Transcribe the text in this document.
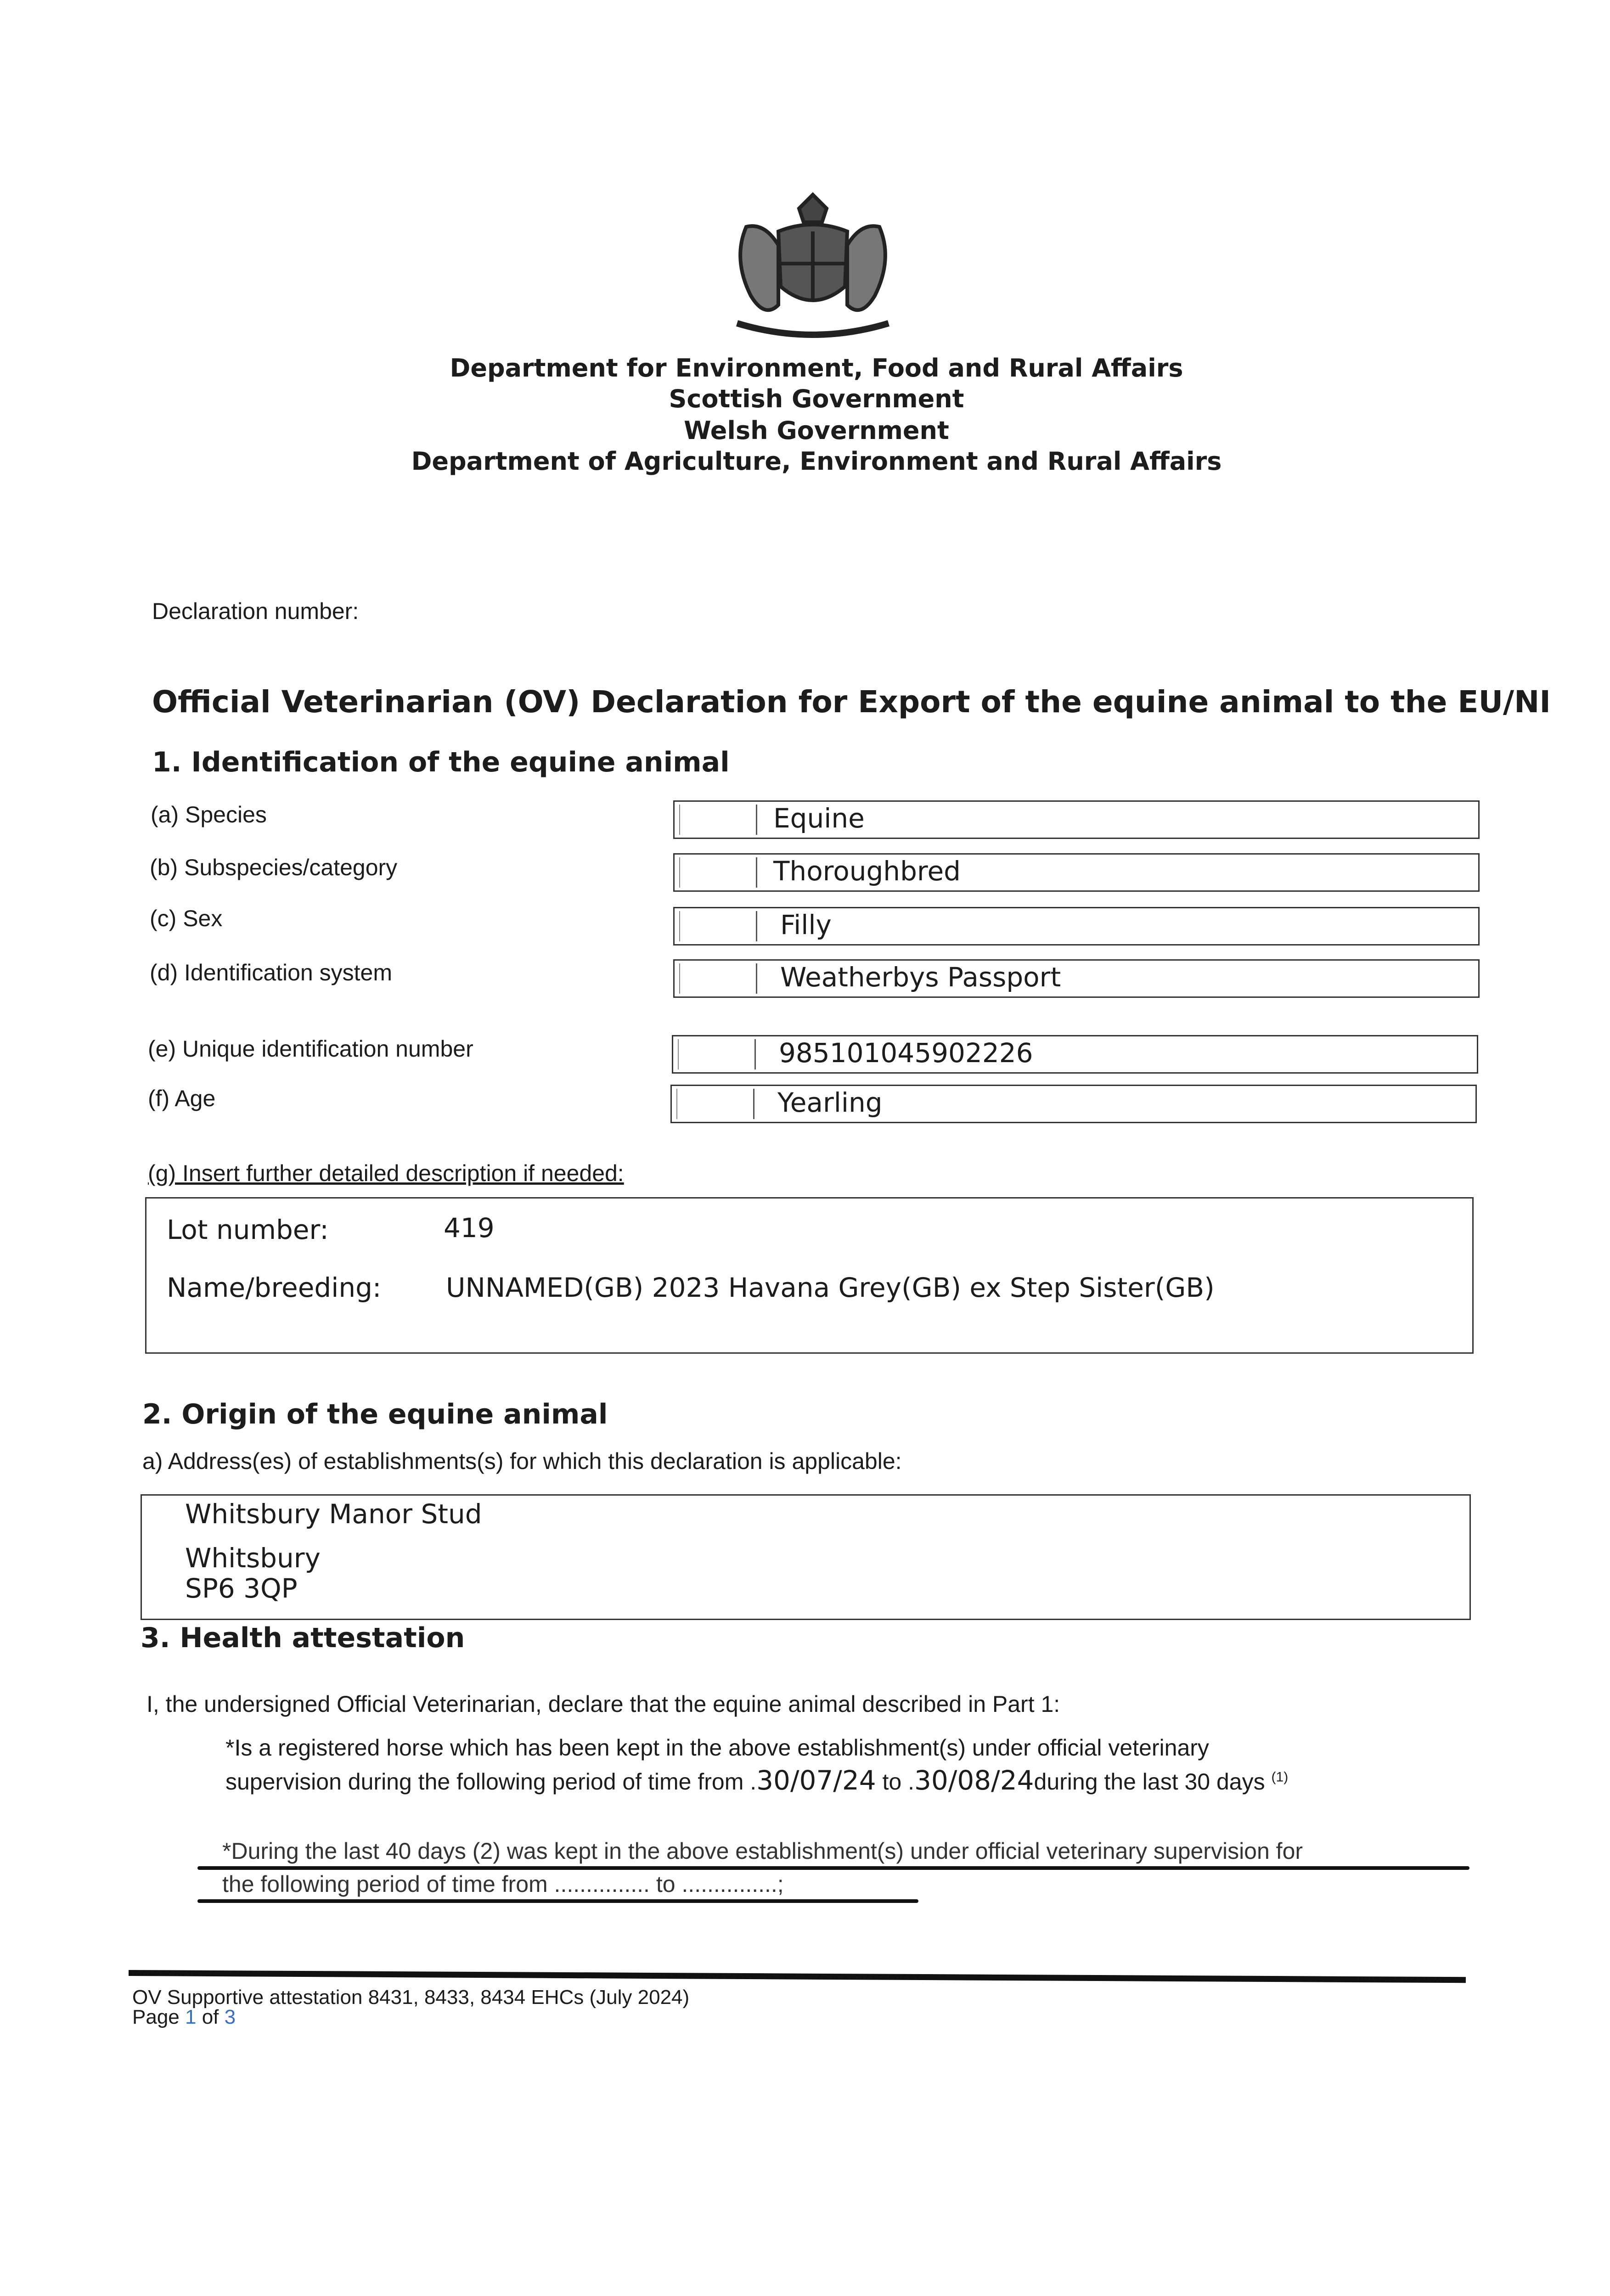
Department for Environment, Food and Rural Affairs
Scottish Government
Welsh Government
Department of Agriculture, Environment and Rural Affairs
Declaration number:
Official Veterinarian (OV) Declaration for Export of the equine animal to the EU/NI
1. Identification of the equine animal
(a) Species	Equine
(b) Subspecies/category	Thoroughbred
(c) Sex	Filly
(d) Identification system	Weatherbys Passport
(e) Unique identification number	985101045902226
(f) Age	Yearling
(g) Insert further detailed description if needed:
Lot number:	419
Name/breeding: UNNAMED(GB) 2023 Havana Grey(GB) ex Step Sister(GB)
2. Origin of the equine animal
a) Address(es) of establishments(s) for which this declaration is applicable:
Whitsbury Manor Stud
Whitsbury
SP6 3QP
3. Health attestation
I, the undersigned Official Veterinarian, declare that the equine animal described in Part 1:
*Is a registered horse which has been kept in the above establishment(s) under official veterinary
supervision during the following period of time from .30/07/24 to .30/08/24during the last 30 days $^{(1)}$
*During the last 40 days (2) was kept in the above establishment(s) under official veterinary supervision for
the following period of time from ............... to ...............;
OV Supportive attestation 8431, 8433, 8434 EHCs (July 2024)
Page 1 of 3
